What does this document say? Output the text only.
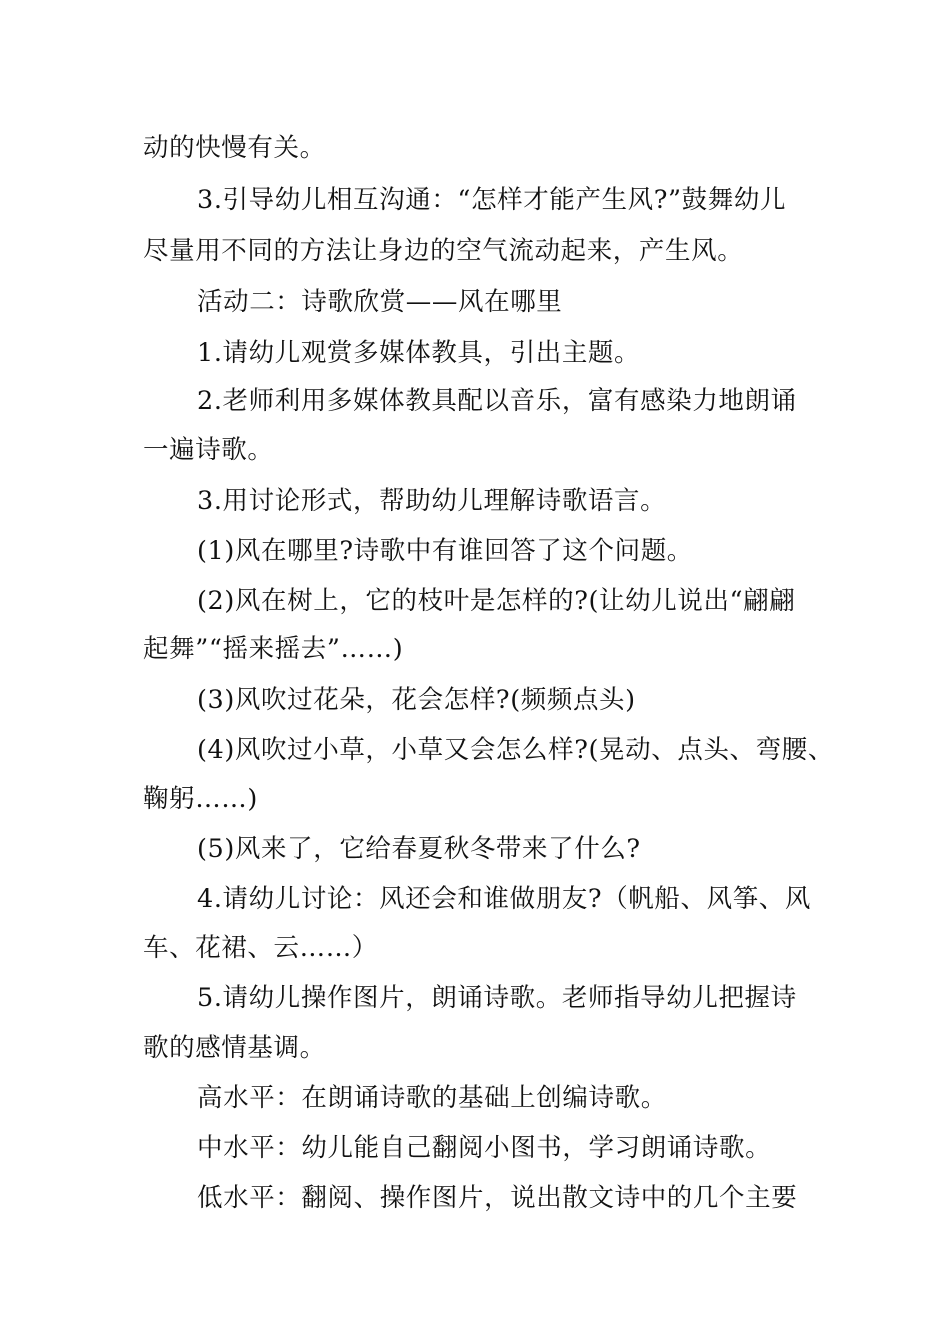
动的快慢有关。
3.引导幼儿相互沟通：“怎样才能产生风?”鼓舞幼儿
尽量用不同的方法让身边的空气流动起来，产生风。
活动二：诗歌欣赏——风在哪里
1.请幼儿观赏多媒体教具，引出主题。
2.老师利用多媒体教具配以音乐，富有感染力地朗诵
一遍诗歌。
3.用讨论形式，帮助幼儿理解诗歌语言。
(1)风在哪里?诗歌中有谁回答了这个问题。
(2)风在树上，它的枝叶是怎样的?(让幼儿说出“翩翩
起舞”“摇来摇去”……)
(3)风吹过花朵，花会怎样?(频频点头)
(4)风吹过小草，小草又会怎么样?(晃动、点头、弯腰、
鞠躬……)
(5)风来了，它给春夏秋冬带来了什么?
4.请幼儿讨论：风还会和谁做朋友?（帆船、风筝、风
车、花裙、云……）
5.请幼儿操作图片，朗诵诗歌。老师指导幼儿把握诗
歌的感情基调。
高水平：在朗诵诗歌的基础上创编诗歌。
中水平：幼儿能自己翻阅小图书，学习朗诵诗歌。
低水平：翻阅、操作图片，说出散文诗中的几个主要
